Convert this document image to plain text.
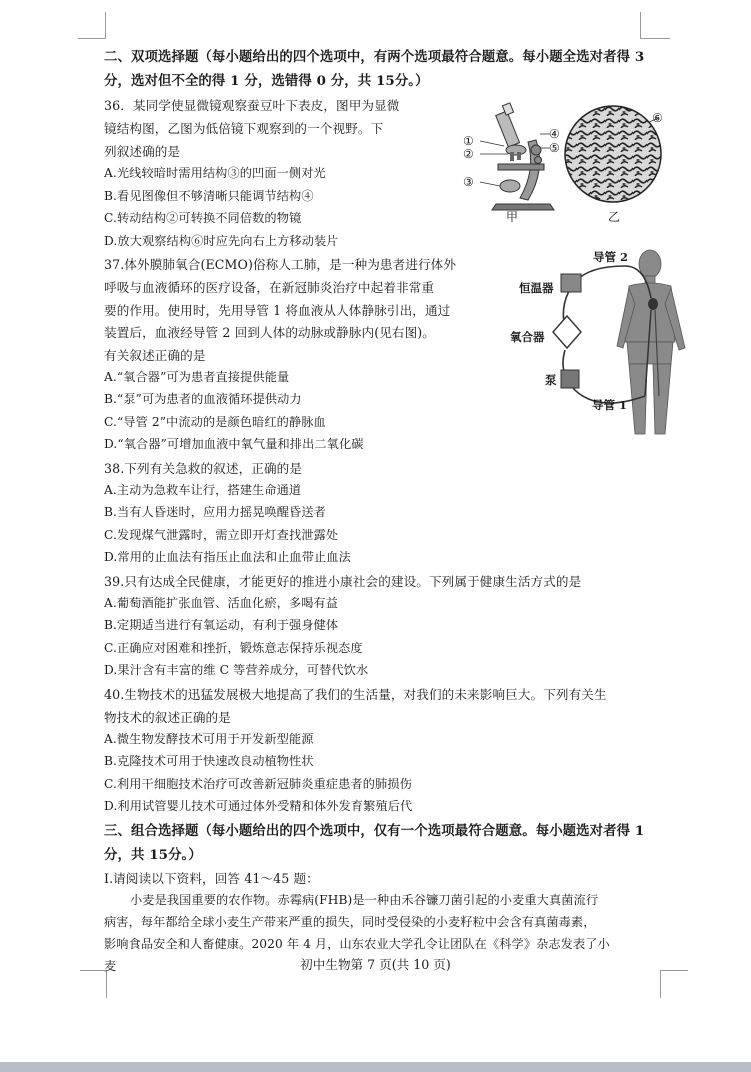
二、双项选择题（每小题给出的四个选项中，有两个选项最符合题意。每小题全选对者得 3
分，选对但不全的得 1 分，选错得 0 分，共 15分。）
36．某同学使显微镜观察蚕豆叶下表皮，图甲为显微
镜结构图，乙图为低倍镜下观察到的一个视野。下
列叙述确的是
A.光线较暗时需用结构③的凹面一侧对光
B.看见图像但不够清晰只能调节结构④
C.转动结构②可转换不同倍数的物镜
D.放大观察结构⑥时应先向右上方移动装片
①
②
③
④
⑤
甲
⑥
乙
37.体外膜肺氧合(ECMO)俗称人工肺，是一种为患者进行体外
呼吸与血液循环的医疗设备，在新冠肺炎治疗中起着非常重
要的作用。使用时，先用导管 1 将血液从人体静脉引出，通过
装置后，血液经导管 2 回到人体的动脉或静脉内(见右图)。
有关叙述正确的是
A.“氧合器”可为患者直接提供能量
B.“泵”可为患者的血液循环提供动力
C.“导管 2”中流动的是颜色暗红的静脉血
D.“氧合器”可增加血液中氧气量和排出二氧化碳
导管 2
恒温器
氧合器
泵
导管 1
38.下列有关急救的叙述，正确的是
A.主动为急救车让行，搭建生命通道
B.当有人昏迷时，应用力摇晃唤醒昏送者
C.发现煤气泄露时，需立即开灯查找泄露处
D.常用的止血法有指压止血法和止血带止血法
39.只有达成全民健康，才能更好的推进小康社会的建设。下列属于健康生活方式的是
A.葡萄酒能扩张血管、活血化瘀，多喝有益
B.定期适当进行有氧运动，有利于强身健体
C.正确应对困难和挫折，锻炼意志保持乐视态度
D.果汁含有丰富的维 C 等营养成分，可替代饮水
40.生物技术的迅猛发展极大地提高了我们的生活量，对我们的未来影响巨大。下列有关生
物技术的叙述正确的是
A.微生物发酵技术可用于开发新型能源
B.克隆技术可用于快速改良动植物性状
C.利用干细胞技术治疗可改善新冠肺炎重症患者的肺损伤
D.利用试管婴儿技术可通过体外受精和体外发育繁殖后代
三、组合选择题（每小题给出的四个选项中，仅有一个选项最符合题意。每小题选对者得 1
分，共 15分。）
Ⅰ.请阅读以下资料，回答 41～45 题：
小麦是我国重要的农作物。赤霉病(FHB)是一种由禾谷镰刀菌引起的小麦重大真菌流行
病害，每年都给全球小麦生产带来严重的损失，同时受侵染的小麦籽粒中会含有真菌毒素，
影响食品安全和人畜健康。2020 年 4 月，山东农业大学孔令让团队在《科学》杂志发表了小
麦	初中生物第 7 页(共 10 页)
